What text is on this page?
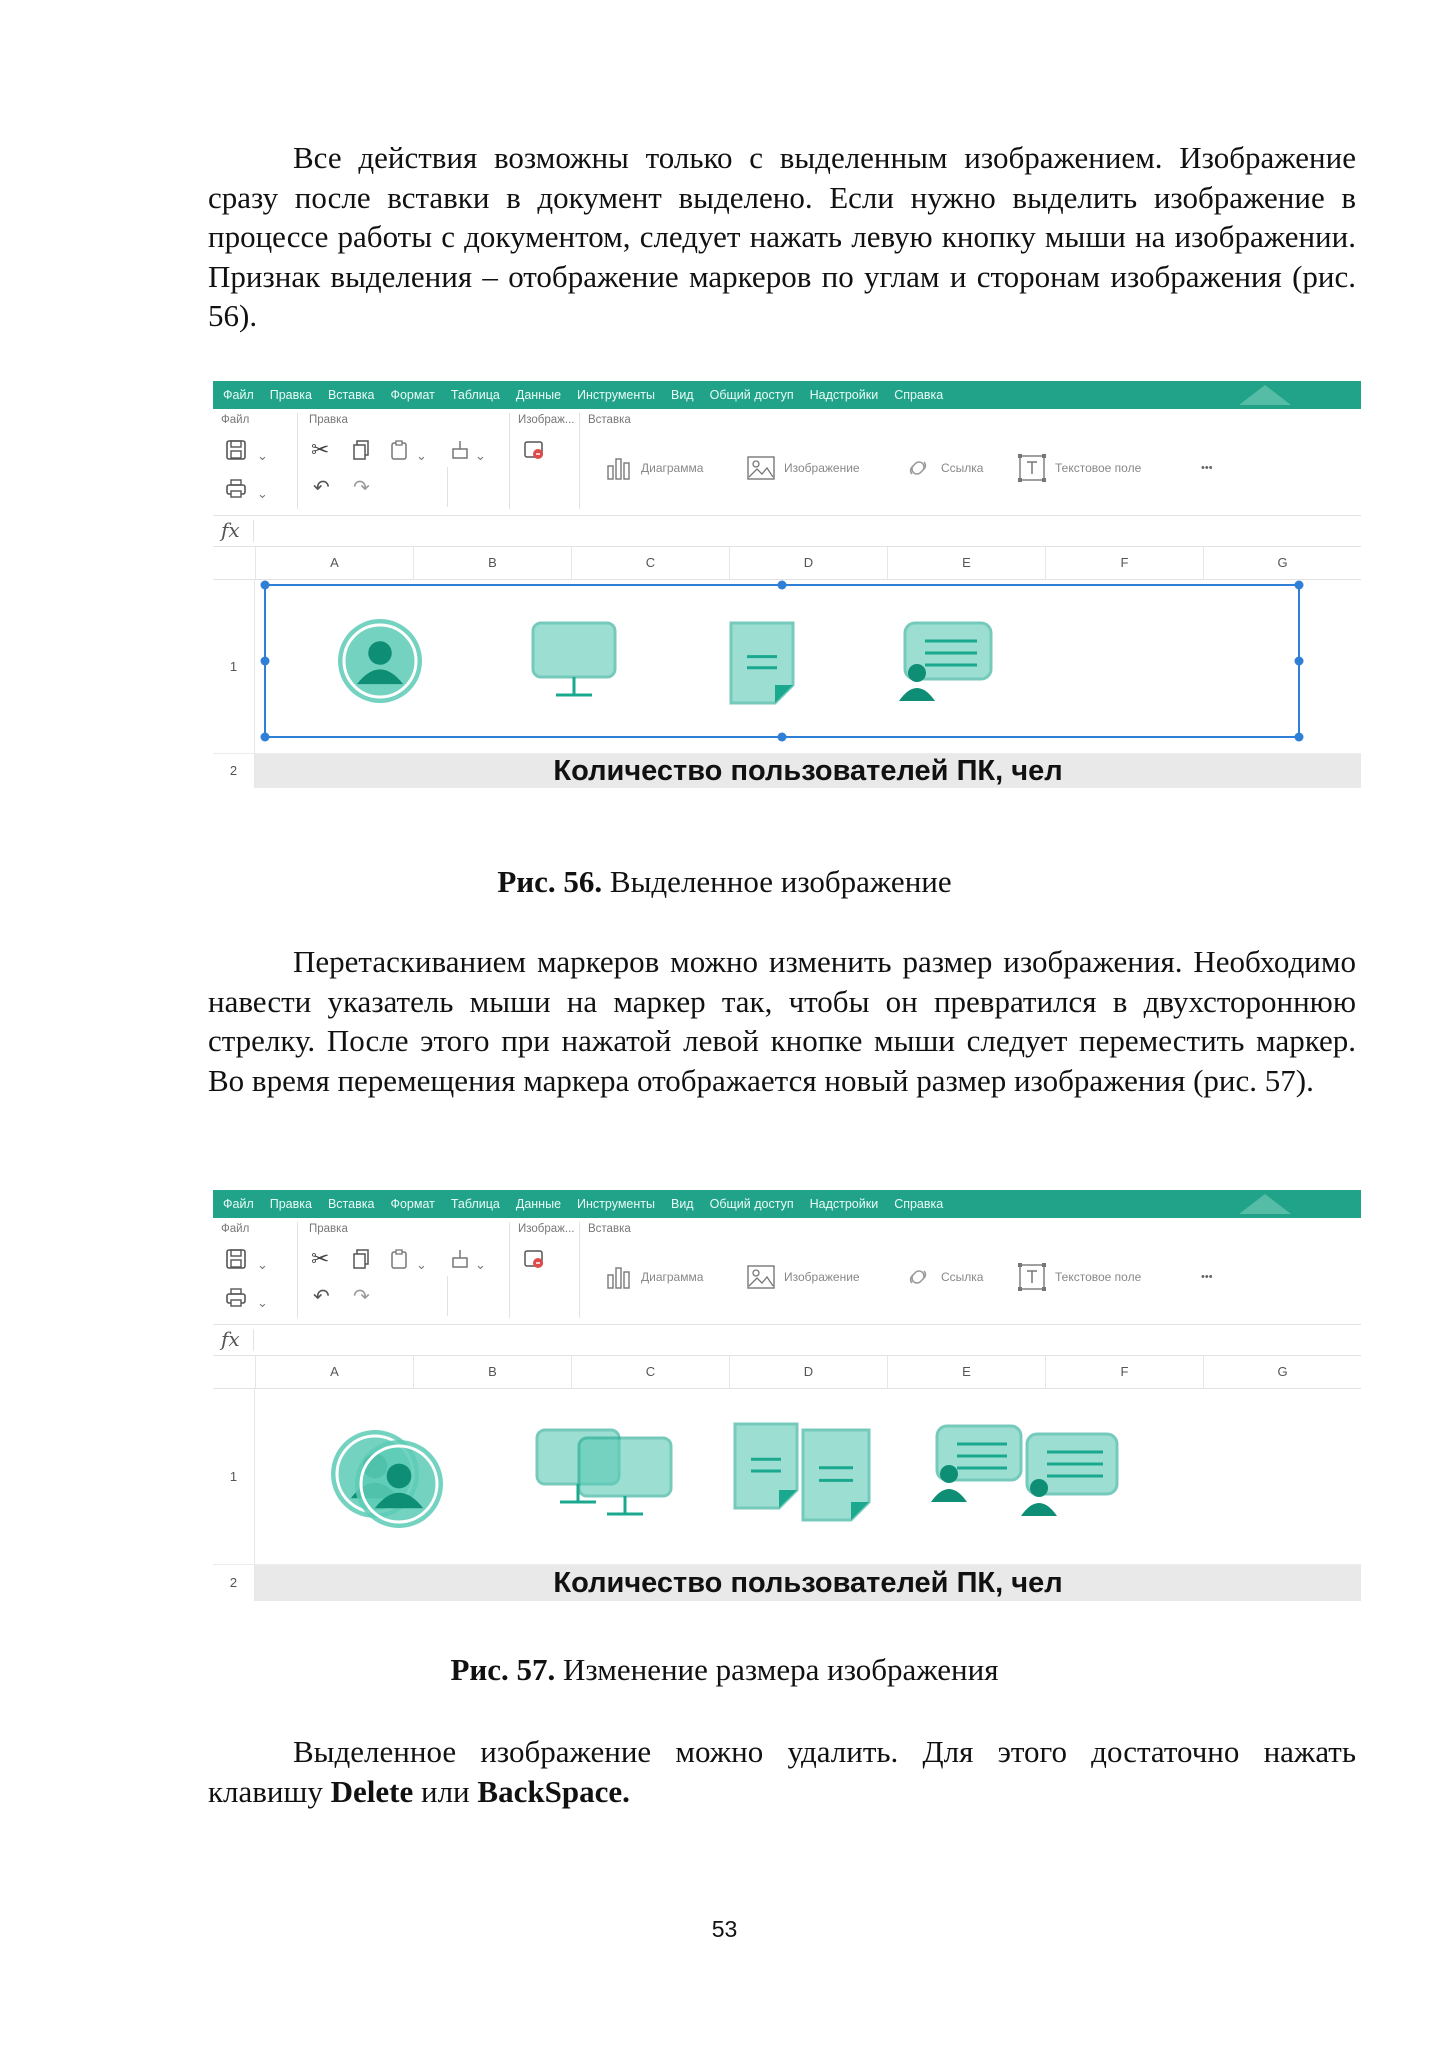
Все действия возможны только с выделенным изображением. Изображение сразу после вставки в документ выделено. Если нужно выделить изображение в процессе работы с документом, следует нажать левую кнопку мыши на изображении. Признак выделения – отображение маркеров по углам и сторонам изображения (рис. 56).

Файл Правка Вставка Формат Таблица Данные Инструменты Вид Общий доступ Надстройки Справка
Файл
⌄
⌄
Правка
✂	⌄	⌄
↶ ↷
Изображ... Вставка
Диаграмма	Изображение	Ссылка	Текстовое поле	•••
fx
A	B	C	D	E	F	G
1
2	Количество пользователей ПК, чел

Рис. 56. Выделенное изображение

Перетаскиванием маркеров можно изменить размер изображения. Необходимо навести указатель мыши на маркер так, чтобы он превратился в двухстороннюю стрелку. После этого при нажатой левой кнопке мыши следует переместить маркер. Во время перемещения маркера отображается новый размер изображения (рис. 57).

Файл Правка Вставка Формат Таблица Данные Инструменты Вид Общий доступ Надстройки Справка
Файл
⌄
⌄
Правка
✂	⌄	⌄
↶ ↷
Изображ... Вставка
Диаграмма	Изображение	Ссылка	Текстовое поле	•••
fx
A	B	C	D	E	F	G
1
2	Количество пользователей ПК, чел

Рис. 57. Изменение размера изображения

Выделенное изображение можно удалить. Для этого достаточно нажать клавишу Delete или BackSpace.

53
